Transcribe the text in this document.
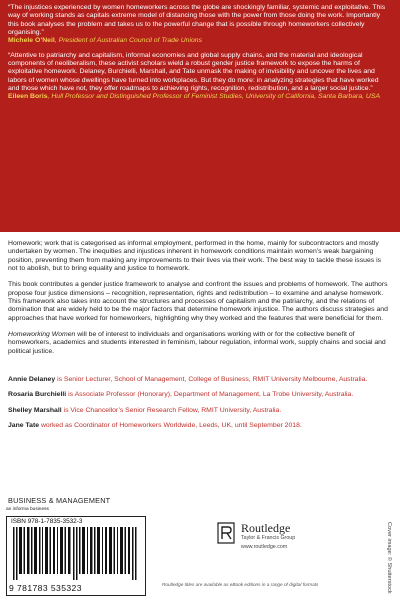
“The injustices experienced by women homeworkers across the globe are shockingly familiar, systemic and exploitative. This way of working stands as capitals extreme model of distancing those with the power from those doing the work. Importantly this book analyses the problem and takes us to the powerful change that is possible through homeworkers collectively organising.”
Michele O’Neil, President of Australian Council of Trade Unions
“Attentive to patriarchy and capitalism, informal economies and global supply chains, and the material and ideological components of neoliberalism, these activist scholars wield a robust gender justice framework to expose the harms of exploitative homework. Delaney, Burchielli, Marshall, and Tate unmask the making of invisibility and uncover the lives and labors of women whose dwellings have turned into workplaces. But they do more: in analyzing strategies that have worked and those which have not, they offer roadmaps to achieving rights, recognition, redistribution, and a larger social justice.”
Eileen Boris, Hull Professor and Distinguished Professor of Feminist Studies, University of California, Santa Barbara, USA

Homework; work that is categorised as informal employment, performed in the home, mainly for subcontractors and mostly undertaken by women. The inequities and injustices inherent in homework conditions maintain women’s weak bargaining position, preventing them from making any improvements to their lives via their work. The best way to tackle these issues is not to abolish, but to bring equality and justice to homework.

This book contributes a gender justice framework to analyse and confront the issues and problems of homework. The authors propose four justice dimensions – recognition, representation, rights and redistribution – to examine and analyse homework. This framework also takes into account the structures and processes of capitalism and the patriarchy, and the relations of domination that are widely held to be the major factors that determine homework injustice. The authors discuss strategies and approaches that have worked for homeworkers, highlighting why they worked and the features that were beneficial for them.

Homeworking Women will be of interest to individuals and organisations working with or for the collective benefit of homeworkers, academics and students interested in feminism, labour regulation, informal work, supply chains and social and political justice.

Annie Delaney is Senior Lecturer, School of Management, College of Business, RMIT University Melbourne, Australia.
Rosaria Burchielli is Associate Professor (Honorary), Department of Management, La Trobe University, Australia.
Shelley Marshall is Vice Chancellor’s Senior Research Fellow, RMIT University, Australia.
Jane Tate worked as Coordinator of Homeworkers Worldwide, Leeds, UK, until September 2018.
BUSINESS & MANAGEMENT
an informa business
ISBN 978-1-7835-3532-3
9 781783 535323
Routledge
Taylor & Francis Group
www.routledge.com
Routledge titles are available as eBook editions in a range of digital formats	Cover image: © Shutterstock
